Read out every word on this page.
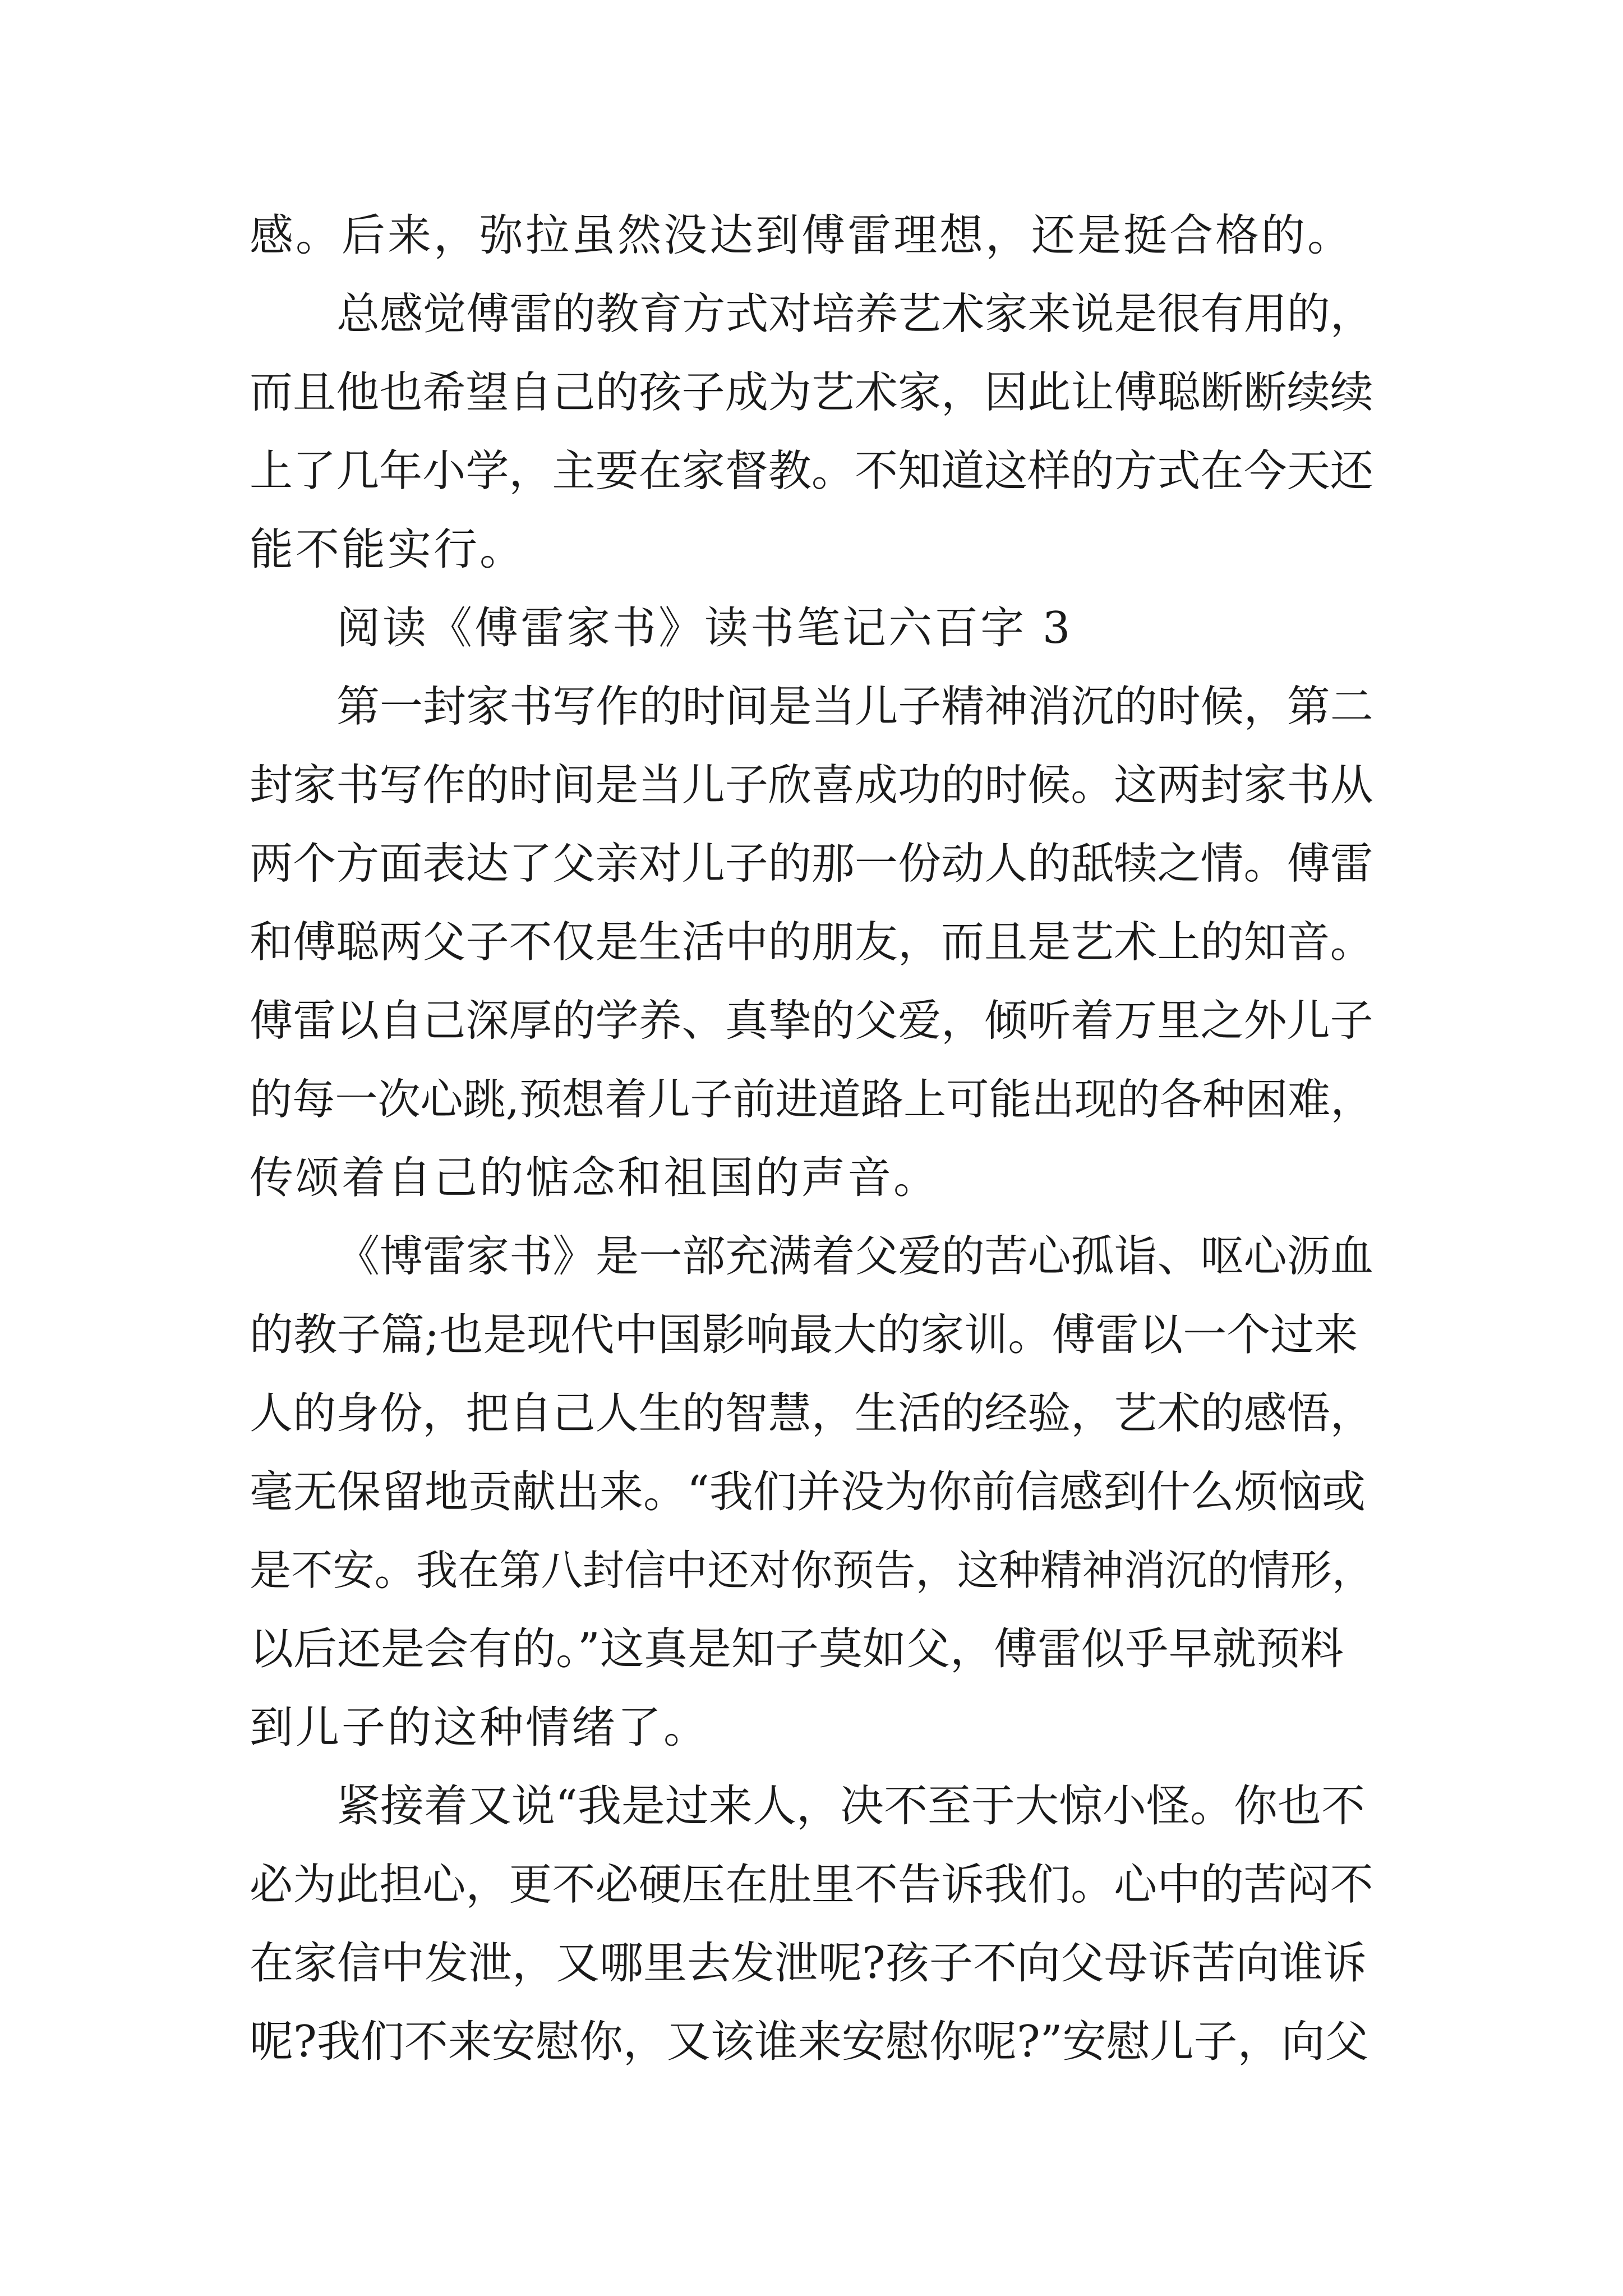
感。后来，弥拉虽然没达到傅雷理想，还是挺合格的。
总感觉傅雷的教育方式对培养艺术家来说是很有用的，
而且他也希望自己的孩子成为艺术家，因此让傅聪断断续续
上了几年小学，主要在家督教。不知道这样的方式在今天还
能不能实行。
阅读《傅雷家书》读书笔记六百字 3
第一封家书写作的时间是当儿子精神消沉的时候，第二
封家书写作的时间是当儿子欣喜成功的时候。这两封家书从
两个方面表达了父亲对儿子的那一份动人的舐犊之情。傅雷
和傅聪两父子不仅是生活中的朋友，而且是艺术上的知音。
傅雷以自己深厚的学养、真挚的父爱，倾听着万里之外儿子
的每一次心跳,预想着儿子前进道路上可能出现的各种困难，
传颂着自己的惦念和祖国的声音。
《博雷家书》是一部充满着父爱的苦心孤诣、呕心沥血
的教子篇;也是现代中国影响最大的家训。傅雷以一个过来
人的身份，把自己人生的智慧，生活的经验，艺术的感悟，
毫无保留地贡献出来。“我们并没为你前信感到什么烦恼或
是不安。我在第八封信中还对你预告，这种精神消沉的情形，
以后还是会有的。”这真是知子莫如父，傅雷似乎早就预料
到儿子的这种情绪了。
紧接着又说“我是过来人，决不至于大惊小怪。你也不
必为此担心，更不必硬压在肚里不告诉我们。心中的苦闷不
在家信中发泄，又哪里去发泄呢?孩子不向父母诉苦向谁诉
呢?我们不来安慰你，又该谁来安慰你呢?”安慰儿子，向父
